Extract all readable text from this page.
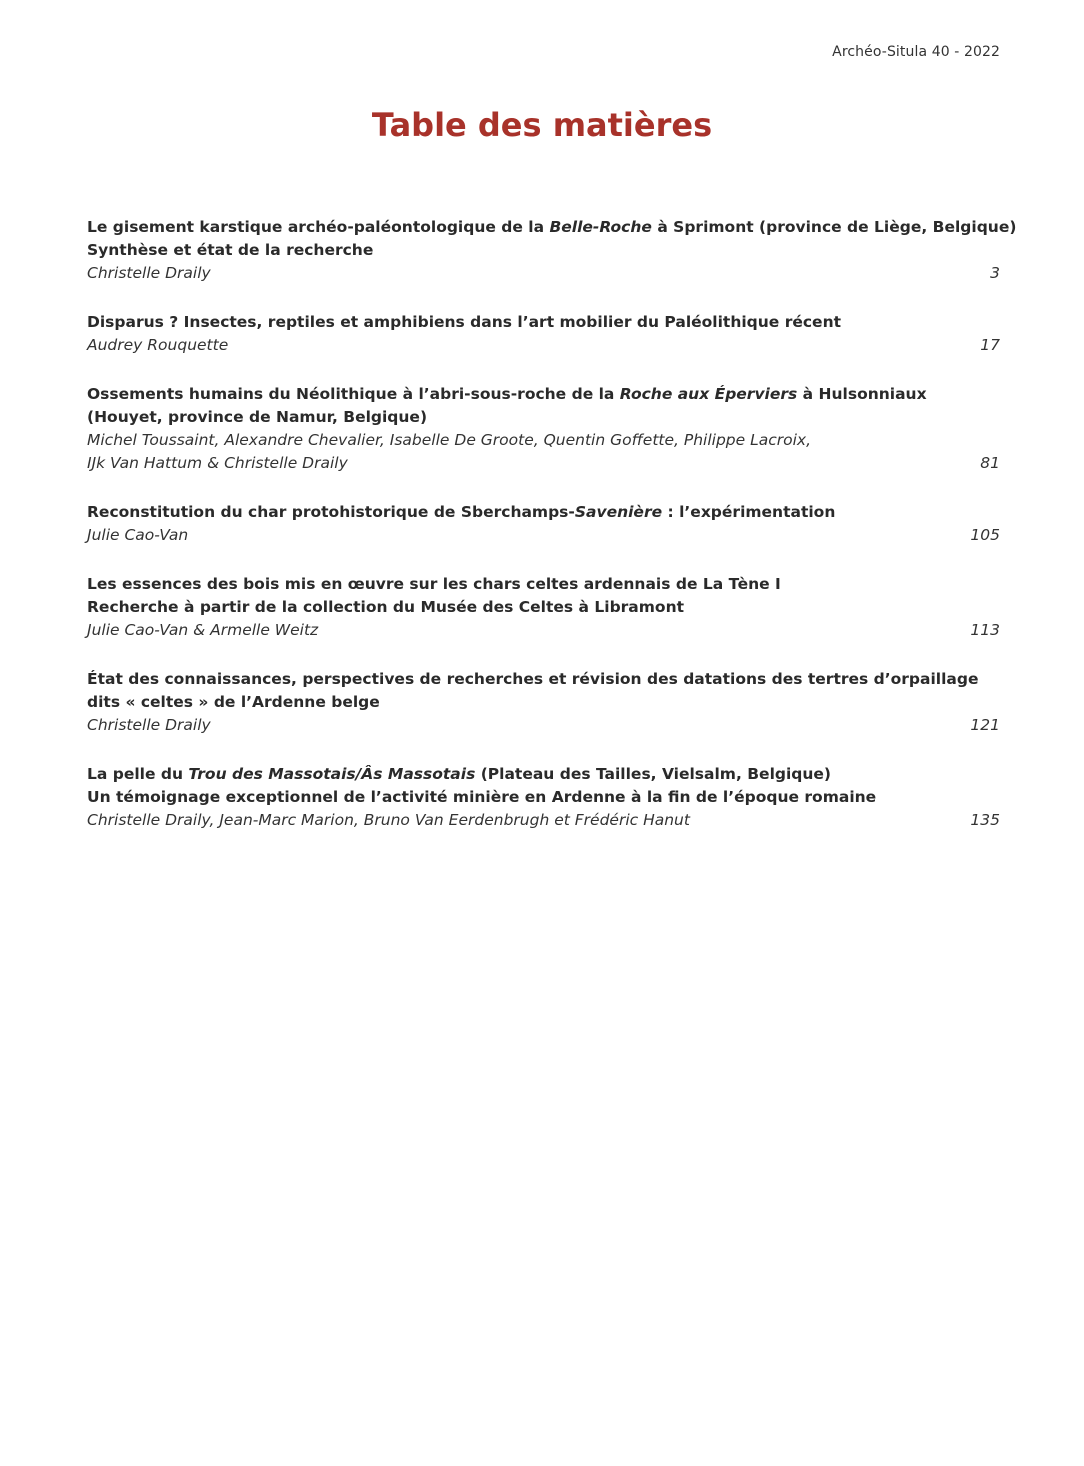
Archéo-Situla 40 - 2022
Table des matières
Le gisement karstique archéo-paléontologique de la Belle-Roche à Sprimont (province de Liège, Belgique)
Synthèse et état de la recherche
Christelle Draily	3
Disparus ? Insectes, reptiles et amphibiens dans l’art mobilier du Paléolithique récent
Audrey Rouquette	17
Ossements humains du Néolithique à l’abri-sous-roche de la Roche aux Éperviers à Hulsonniaux
(Houyet, province de Namur, Belgique)
Michel Toussaint, Alexandre Chevalier, Isabelle De Groote, Quentin Goffette, Philippe Lacroix,
IJk Van Hattum & Christelle Draily	81
Reconstitution du char protohistorique de Sberchamps-Savenière : l’expérimentation
Julie Cao-Van	105
Les essences des bois mis en œuvre sur les chars celtes ardennais de La Tène I
Recherche à partir de la collection du Musée des Celtes à Libramont
Julie Cao-Van & Armelle Weitz	113
État des connaissances, perspectives de recherches et révision des datations des tertres d’orpaillage
dits « celtes » de l’Ardenne belge
Christelle Draily	121
La pelle du Trou des Massotais/Âs Massotais (Plateau des Tailles, Vielsalm, Belgique)
Un témoignage exceptionnel de l’activité minière en Ardenne à la fin de l’époque romaine
Christelle Draily, Jean-Marc Marion, Bruno Van Eerdenbrugh et Frédéric Hanut	135
